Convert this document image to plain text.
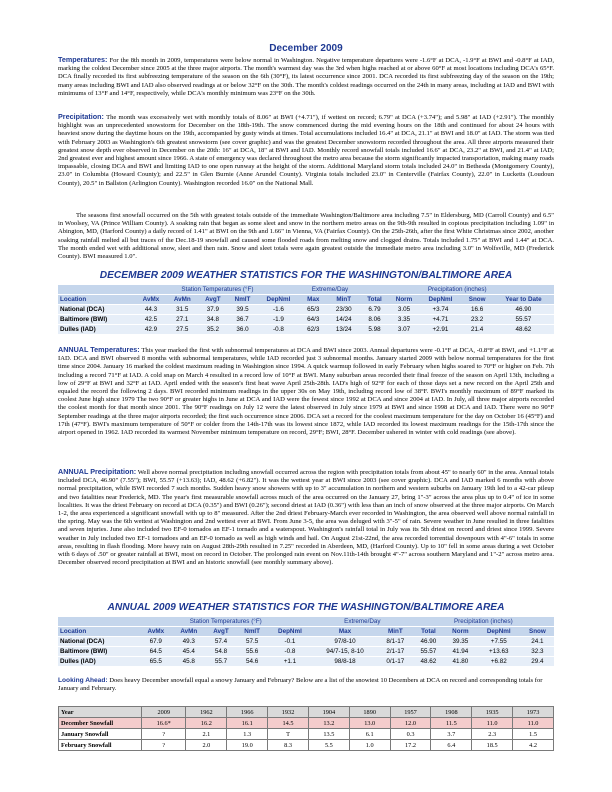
December 2009

Temperatures: For the 8th month in 2009, temperatures were below normal in Washington. Negative temperature departures were -1.6°F at DCA, -1.9°F at BWI and -0.8°F at IAD, marking the coldest December since 2005 at the three major airports. The month's warmest day was the 3rd when highs reached at or above 60°F at most locations including DCA's 65°F. DCA finally recorded its first subfreezing temperature of the season on the 6th (30°F), its latest occurrence since 2001. DCA recorded its first subfreezing day of the season on the 19th; many areas including BWI and IAD also observed readings at or below 32°F on the 30th. The month's coldest readings occurred on the 24th in many areas, including at IAD and BWI with minimums of 13°F and 14°F, respectively, while DCA's monthly minimum was 23°F on the 30th.

Precipitation: The month was excessively wet with monthly totals of 8.06" at BWI (+4.71"), if wettest on record; 6.79" at DCA (+3.74"); and 5.98" at IAD (+2.91"). The monthly highlight was an unprecedented snowstorm for December on the 18th-19th. The snow commenced during the mid evening hours on the 18th and continued for about 24 hours with heaviest snow during the daytime hours on the 19th, accompanied by gusty winds at times. Total accumulations included 16.4" at DCA, 21.1" at BWI and 18.0" at IAD. The storm was tied with February 2003 as Washington's 6th greatest snowstorm (see cover graphic) and was the greatest December snowstorm recorded throughout the area. All three airports measured their greatest snow depth ever observed in December on the 20th: 16" at DCA, 18" at BWI and IAD. Monthly record snowfall totals included 16.6" at DCA, 23.2" at BWI, and 21.4" at IAD; 2nd greatest ever and highest amount since 1966. A state of emergency was declared throughout the metro area because the storm significantly impacted transportation, making many roads impassable, closing DCA and BWI and limiting IAD to one open runway at the height of the storm. Additional Maryland storm totals included 24.0" in Bethesda (Montgomery County), 23.0" in Columbia (Howard County); and 22.5" in Glen Burnie (Anne Arundel County). Virginia totals included 23.0" in Centerville (Fairfax County), 22.0" in Lucketts (Loudoun County), 20.5" in Ballston (Arlington County). Washington recorded 16.0" on the National Mall.

The seasons first snowfall occurred on the 5th with greatest totals outside of the immediate Washington/Baltimore area including 7.5" in Eldersburg, MD (Carroll County) and 6.5" in Woolsey, VA (Prince William County). A soaking rain that began as some sleet and snow in the northern metro areas on the 9th-9th resulted in copious precipitation including 1.09" in Abington, MD, (Harford County) a daily record of 1.41" at BWI on the 9th and 1.66" in Vienna, VA (Fairfax County). On the 25th-26th, after the first White Christmas since 2002, another soaking rainfall melted all but traces of the Dec.18-19 snowfall and caused some flooded roads from melting snow and clogged drains. Totals included 1.75" at BWI and 1.44" at DCA. The month ended wet with additional snow, sleet and then rain. Snow and sleet totals were again greatest outside the immediate metro area including 3.0" in Wolfsville, MD (Frederick County). BWI measured 1.0".

DECEMBER 2009 WEATHER STATISTICS FOR THE WASHINGTON/BALTIMORE AREA
	Station Temperatures (°F)					Extreme/Day		Precipitation (inches)				
Location	AvMx	AvMn	AvgT	NmlT	DepNml	Max	MinT	Total	Norm	DepNml	Snow	Year to Date
National (DCA)	44.3	31.5	37.9	39.5	-1.6	65/3	23/30	6.79	3.05	+3.74	16.6	46.90
Baltimore (BWI)	42.5	27.1	34.8	36.7	-1.9	64/3	14/24	8.06	3.35	+4.71	23.2	55.57
Dulles (IAD)	42.9	27.5	35.2	36.0	-0.8	62/3	13/24	5.98	3.07	+2.91	21.4	48.62

ANNUAL Temperatures: This year marked the first with subnormal temperatures at DCA and BWI since 2003. Annual departures were -0.1°F at DCA, -0.8°F at BWI, and +1.1°F at IAD. DCA and BWI observed 8 months with subnormal temperatures, while IAD recorded just 3 subnormal months. January started 2009 with below normal temperatures for the first time since 2004. January 16 marked the coldest maximum reading in Washington since 1994. A quick warmup followed in early February when highs soared to 70°F or higher on Feb. 7th including a record 71°F at IAD. A cold snap on March 4 resulted in a record low of 10°F at BWI. Many suburban areas recorded their final freeze of the season on April 13th, including a low of 29°F at BWI and 32°F at IAD. April ended with the season's first heat wave April 25th-28th. IAD's high of 92°F for each of those days set a new record on the April 25th and equaled the record the following 2 days. BWI recorded minimum readings in the upper 30s on May 19th, including record low of 38°F. BWI's monthly maximum of 89°F marked its coolest June high since 1979 The two 90°F or greater highs in June at DCA and IAD were the fewest since 1992 at DCA and since 2004 at IAD. In July, all three major airports recorded the coolest month for that month since 2001. The 90°F readings on July 12 were the latest observed in July since 1979 at BWI and since 1998 at DCA and IAD. There were no 90°F September readings at the three major airports recorded; the first such occurrence since 2006. DCA set a record for the coolest maximum temperature for the day on October 16 (45°F) and 17th (47°F). BWI's maximum temperature of 50°F or colder from the 14th-17th was its lowest since 1872, while IAD recorded its lowest maximum readings for the 15th-17th since the airport opened in 1962. IAD recorded its warmest November minimum temperature on record, 29°F; BWI, 28°F. December ushered in winter with cold readings (see above).

ANNUAL Precipitation: Well above normal precipitation including snowfall occurred across the region with precipitation totals from about 45" to nearly 60" in the area. Annual totals included DCA, 46.90" (7.55"); BWI, 55.57 (+13.63); IAD, 48.62 (+6.82"). It was the wettest year at BWI since 2003 (see cover graphic). DCA and IAD marked 6 months with above normal precipitation, while BWI recorded 7 such months. Sudden heavy snow showers with up to 3" accumulation in northern and western suburbs on January 19th led to a 42-car pileup and two fatalities near Frederick, MD. The year's first measurable snowfall across much of the area occurred on the January 27, bring 1"-3" across the area plus up to 0.4" of ice in some localities. It was the driest February on record at DCA (0.35") and BWI (0.26"); second driest at IAD (0.36") with less than an inch of snow observed at the three major airports. On March 1-2, the area experienced a significant snowfall with up to 8" measured. After the 2nd driest February-March ever recorded in Washington, the area observed well above normal rainfall in the spring. May was the 6th wettest at Washington and 2nd wettest ever at BWI. From June 3-5, the area was deluged with 3"-5" of rain. Severe weather in June resulted in three fatalities and seven injuries. June also included two EF-0 tornados an EF-1 tornado and a waterspout. Washington's rainfall total in July was its 5th driest on record and driest since 1999. Severe weather in July included two EF-1 tornadoes and an EF-0 tornado as well as high winds and hail. On August 21st-22nd, the area recorded torrential downpours with 4"-6" totals in some areas, resulting in flash flooding. More heavy rain on August 28th-29th resulted in 7.25" recorded in Aberdeen, MD, (Harford County). Up to 10" fell in some areas during a wet October with 6 days of .50" or greater rainfall at BWI, most on record in October. The prolonged rain event on Nov.11th-14th brought 4"-7" across southern Maryland and 1"-2" across metro area. December observed record precipitation at BWI and an historic snowfall (see monthly summary above).

ANNUAL 2009 WEATHER STATISTICS FOR THE WASHINGTON/BALTIMORE AREA
	Station Temperatures (°F)					Extreme/Day		Precipitation (inches)			
Location	AvMx	AvMn	AvgT	NmlT	DepNml	Max	MinT	Total	Norm	DepNml	Snow
National (DCA)	67.9	49.3	57.4	57.5	-0.1	97/8-10	8/1-17	46.90	39.35	+7.55	24.1
Baltimore (BWI)	64.5	45.4	54.8	55.6	-0.8	94/7-15, 8-10	2/1-17	55.57	41.94	+13.63	32.3
Dulles (IAD)	65.5	45.8	55.7	54.6	+1.1	98/8-18	0/1-17	48.62	41.80	+6.82	29.4

Looking Ahead: Does heavy December snowfall equal a snowy January and February? Below are a list of the snowiest 10 Decembers at DCA on record and corresponding totals for January and February.

Year	2009	1962	1966	1932	1904	1890	1957	1908	1935	1973
December Snowfall	16.6*	16.2	16.1	14.5	13.2	13.0	12.0	11.5	11.0	11.0
January Snowfall	?	2.1	1.3	T	13.5	6.1	0.3	3.7	2.3	1.5
February Snowfall	?	2.0	19.0	8.3	5.5	1.0	17.2	6.4	18.5	4.2
